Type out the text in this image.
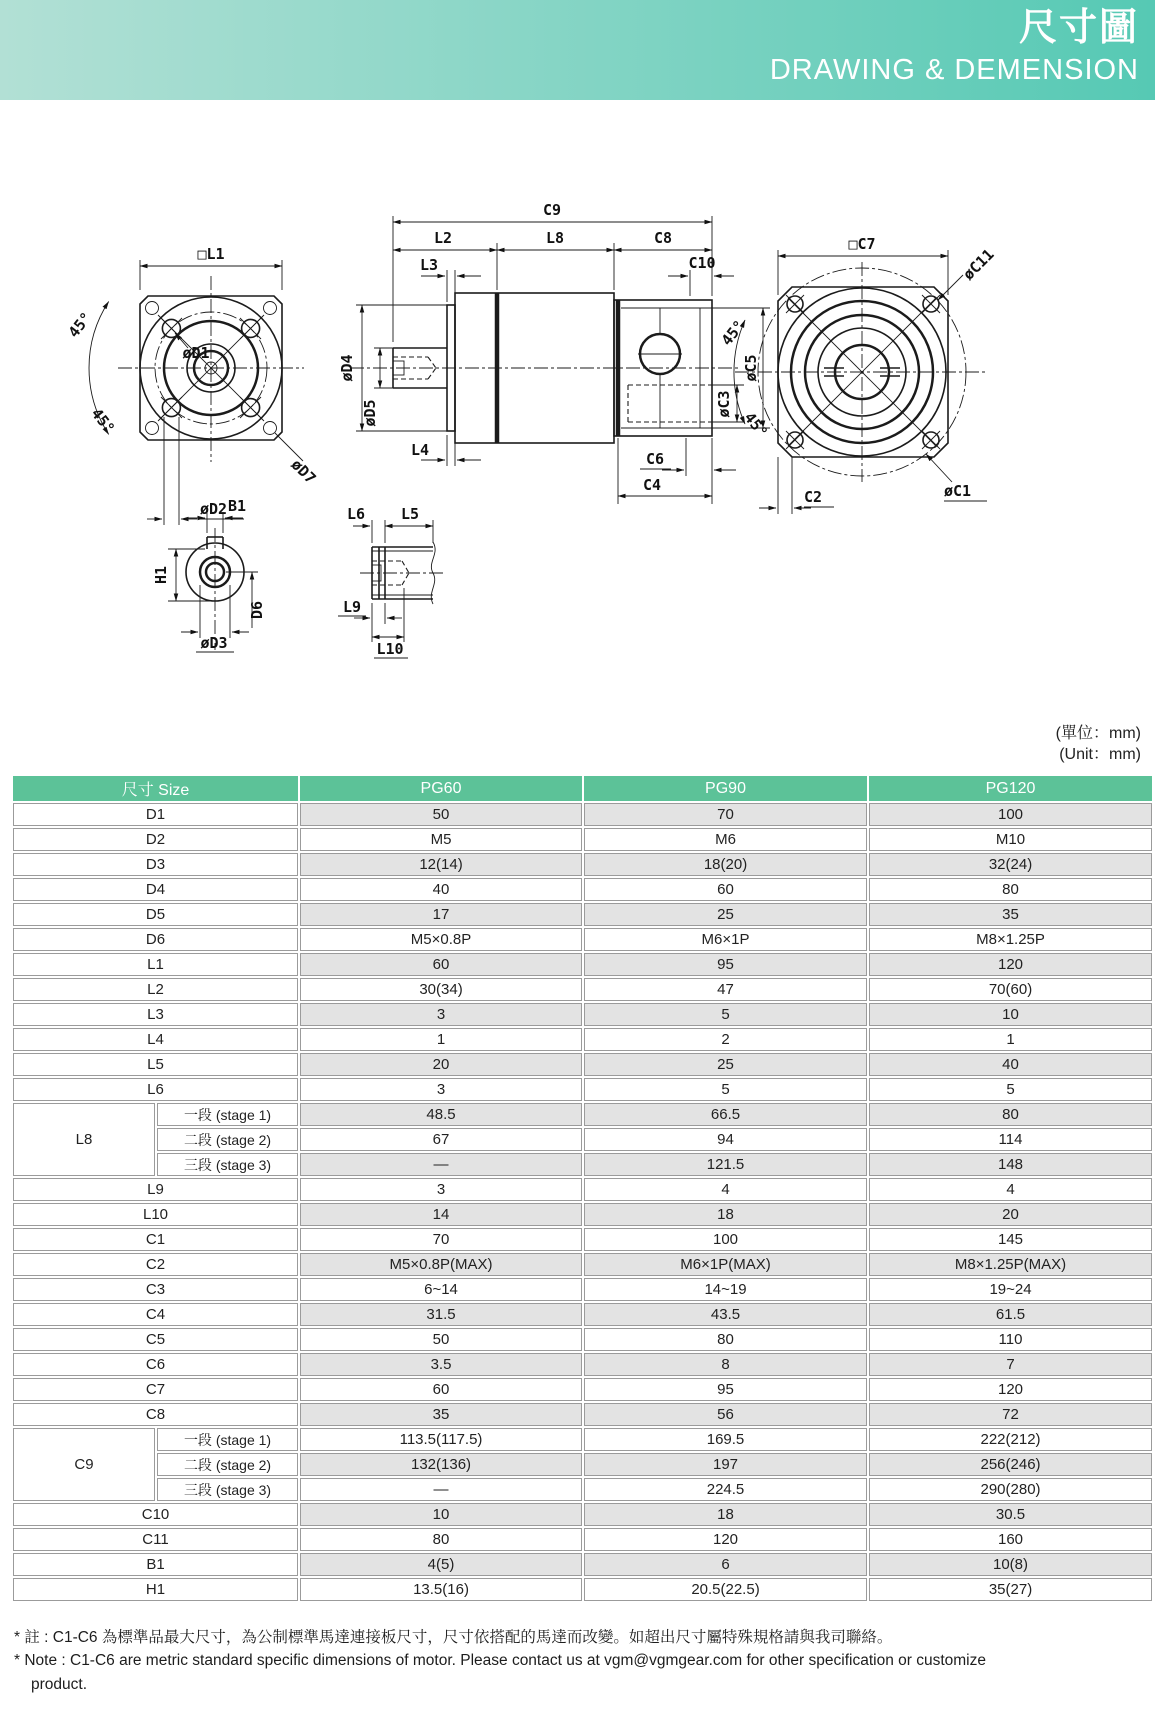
尺寸圖
DRAWING & DEMENSION
□L1
45°
45°
øD1
øD2
øD7
C9
L2	L8	C8
L3	C10
øD4
øD5
L4	C6
C4
øC3
øC5
□C7
øC11
45°
45°
øC1
C2
B1
H1
D6
øD3
L6 L5
L9
L10
(單位：mm)
(Unit：mm)
尺寸 Size		PG60	PG90	PG120
D1		50	70	100
D2		M5	M6	M10
D3		12(14)	18(20)	32(24)
D4		40	60	80
D5		17	25	35
D6		M5×0.8P	M6×1P	M8×1.25P
L1		60	95	120
L2		30(34)	47	70(60)
L3		3	5	10
L4		1	2	1
L5		20	25	40
L6		3	5	5
L8	一段 (stage 1)	48.5	66.5	80
	二段 (stage 2)	67	94	114
	三段 (stage 3)	—	121.5	148
L9		3	4	4
L10		14	18	20
C1		70	100	145
C2		M5×0.8P(MAX)	M6×1P(MAX)	M8×1.25P(MAX)
C3		6~14	14~19	19~24
C4		31.5	43.5	61.5
C5		50	80	110
C6		3.5	8	7
C7		60	95	120
C8		35	56	72
C9	一段 (stage 1)	113.5(117.5)	169.5	222(212)
	二段 (stage 2)	132(136)	197	256(246)
	三段 (stage 3)	—	224.5	290(280)
C10		10	18	30.5
C11		80	120	160
B1		4(5)	6	10(8)
H1		13.5(16)	20.5(22.5)	35(27)
* 註 : C1-C6 為標準品最大尺寸，為公制標準馬達連接板尺寸，尺寸依搭配的馬達而改變。如超出尺寸屬特殊規格請與我司聯絡。
* Note : C1-C6 are metric standard specific dimensions of motor. Please contact us at vgm@vgmgear.com for other specification or customize
product.
